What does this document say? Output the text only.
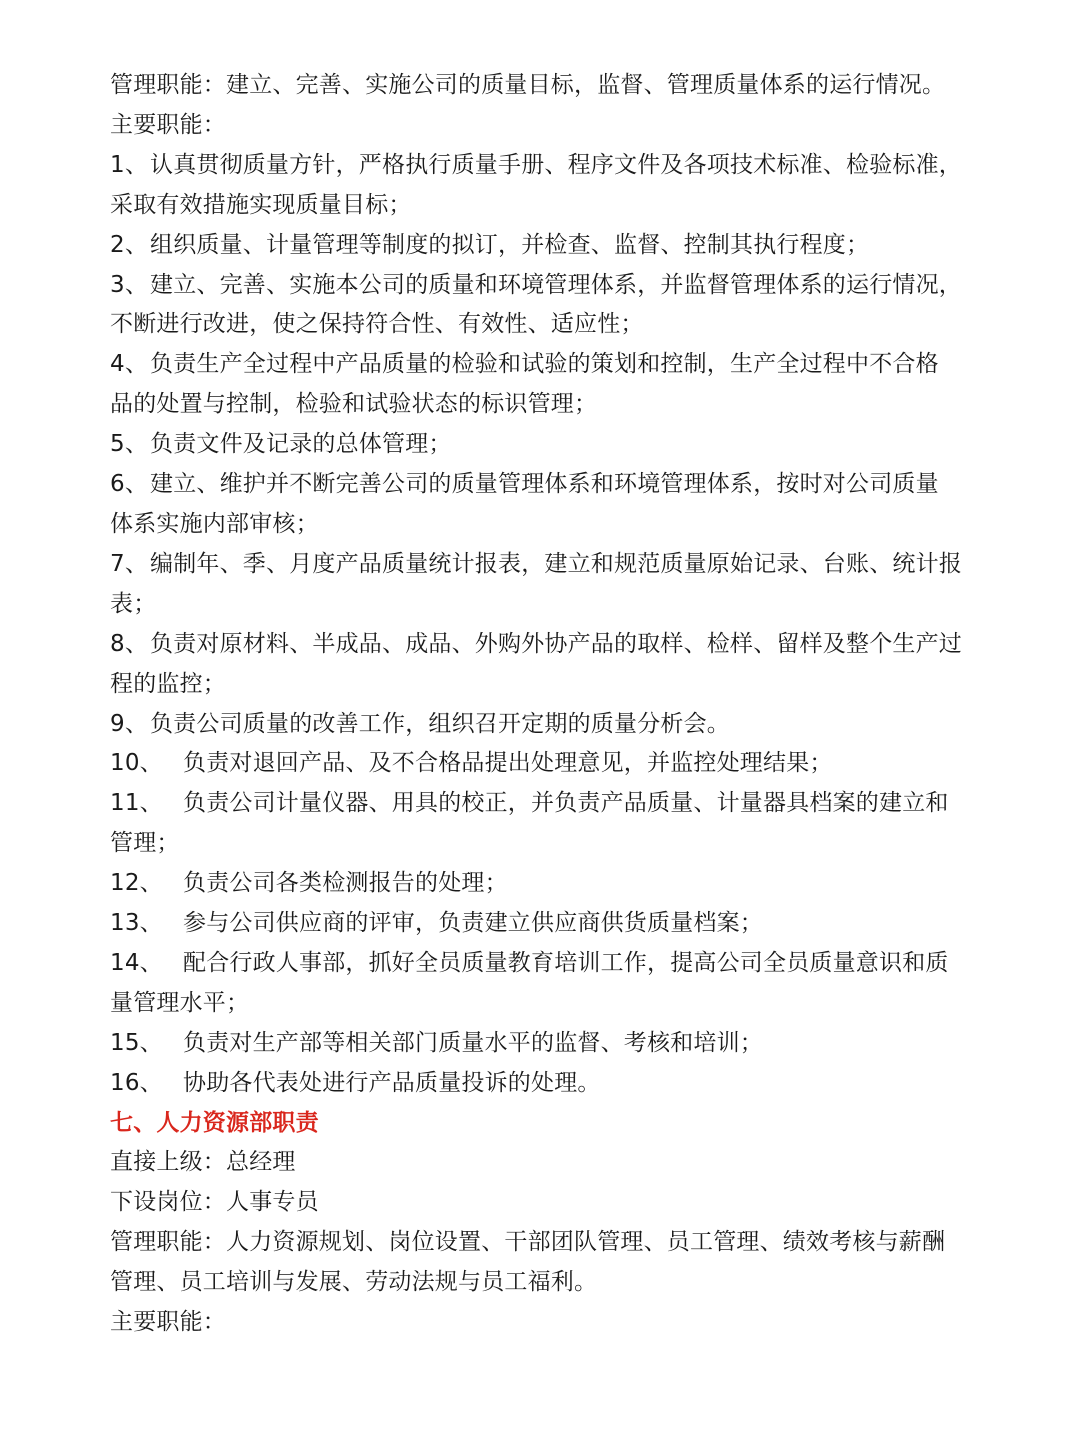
管理职能：建立、完善、实施公司的质量目标，监督、管理质量体系的运行情况。
主要职能：
1、认真贯彻质量方针，严格执行质量手册、程序文件及各项技术标准、检验标准，
采取有效措施实现质量目标；
2、组织质量、计量管理等制度的拟订，并检查、监督、控制其执行程度；
3、建立、完善、实施本公司的质量和环境管理体系，并监督管理体系的运行情况，
不断进行改进，使之保持符合性、有效性、适应性；
4、负责生产全过程中产品质量的检验和试验的策划和控制，生产全过程中不合格
品的处置与控制，检验和试验状态的标识管理；
5、负责文件及记录的总体管理；
6、建立、维护并不断完善公司的质量管理体系和环境管理体系，按时对公司质量
体系实施内部审核；
7、编制年、季、月度产品质量统计报表，建立和规范质量原始记录、台账、统计报
表；
8、负责对原材料、半成品、成品、外购外协产品的取样、检样、留样及整个生产过
程的监控；
9、负责公司质量的改善工作，组织召开定期的质量分析会。
10、 负责对退回产品、及不合格品提出处理意见，并监控处理结果；
11、 负责公司计量仪器、用具的校正，并负责产品质量、计量器具档案的建立和
管理；
12、 负责公司各类检测报告的处理；
13、 参与公司供应商的评审，负责建立供应商供货质量档案；
14、 配合行政人事部，抓好全员质量教育培训工作，提高公司全员质量意识和质
量管理水平；
15、 负责对生产部等相关部门质量水平的监督、考核和培训；
16、 协助各代表处进行产品质量投诉的处理。
七、人力资源部职责
直接上级：总经理
下设岗位：人事专员
管理职能：人力资源规划、岗位设置、干部团队管理、员工管理、绩效考核与薪酬
管理、员工培训与发展、劳动法规与员工福利。
主要职能：
